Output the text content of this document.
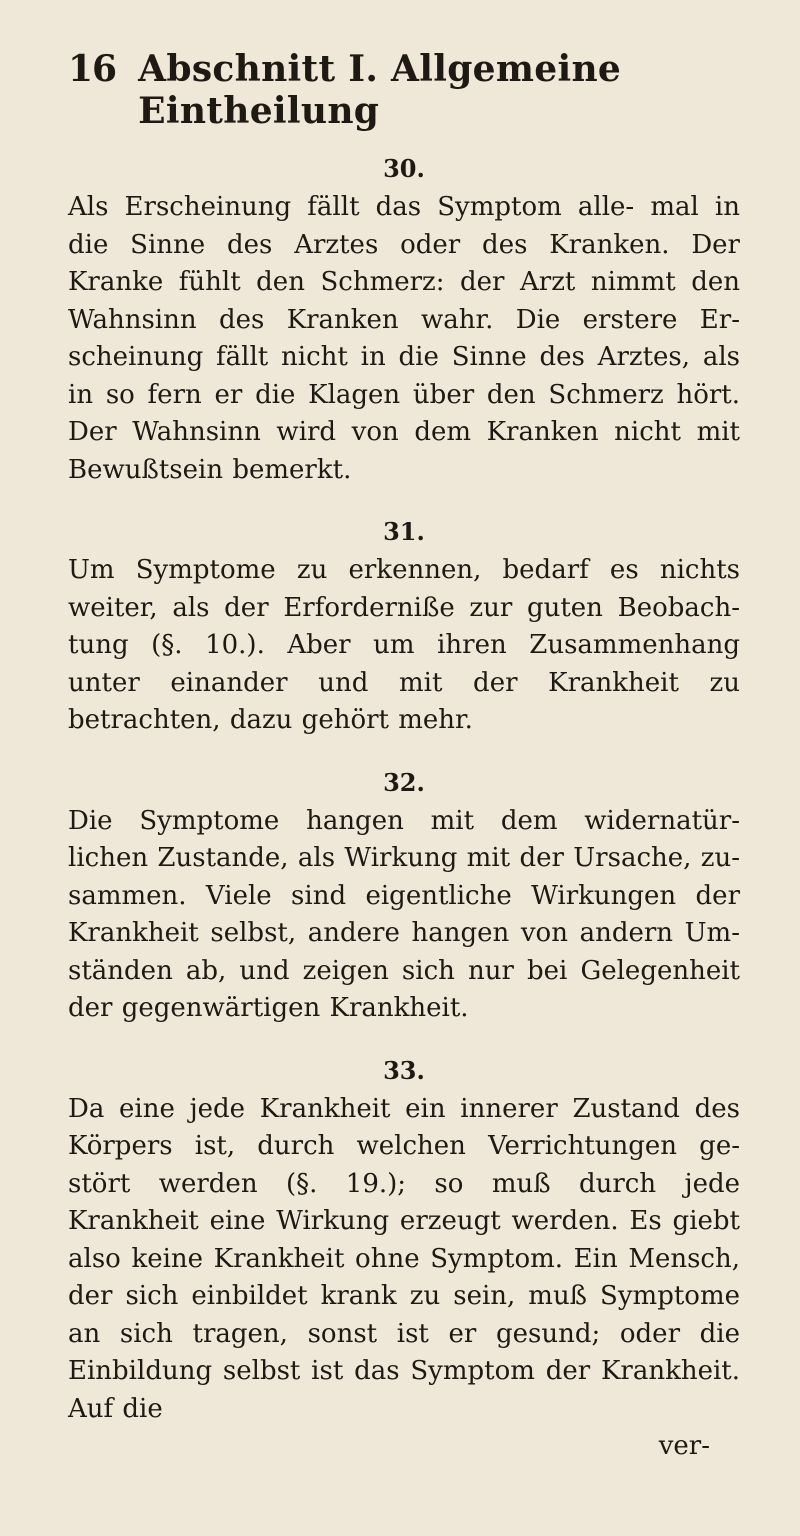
16 Abschnitt I. Allgemeine Eintheilung
30.

Als Erscheinung fällt das Symptom alle- mal in die Sinne des Arztes oder des Kranken. Der Kranke fühlt den Schmerz: der Arzt nimmt den Wahnsinn des Kranken wahr. Die erstere Er- scheinung fällt nicht in die Sinne des Arztes, als in so fern er die Klagen über den Schmerz hört. Der Wahnsinn wird von dem Kranken nicht mit Bewußtsein bemerkt.

31.

Um Symptome zu erkennen, bedarf es nichts weiter, als der Erforderniße zur guten Beobach- tung (§. 10.). Aber um ihren Zusammenhang unter einander und mit der Krankheit zu betrachten, dazu gehört mehr.

32.

Die Symptome hangen mit dem widernatür- lichen Zustande, als Wirkung mit der Ursache, zu- sammen. Viele sind eigentliche Wirkungen der Krankheit selbst, andere hangen von andern Um- ständen ab, und zeigen sich nur bei Gelegenheit der gegenwärtigen Krankheit.

33.

Da eine jede Krankheit ein innerer Zustand des Körpers ist, durch welchen Verrichtungen ge- stört werden (§. 19.); so muß durch jede Krankheit eine Wirkung erzeugt werden. Es giebt also keine Krankheit ohne Symptom. Ein Mensch, der sich einbildet krank zu sein, muß Symptome an sich tragen, sonst ist er gesund; oder die Einbildung selbst ist das Symptom der Krankheit. Auf die

ver-
